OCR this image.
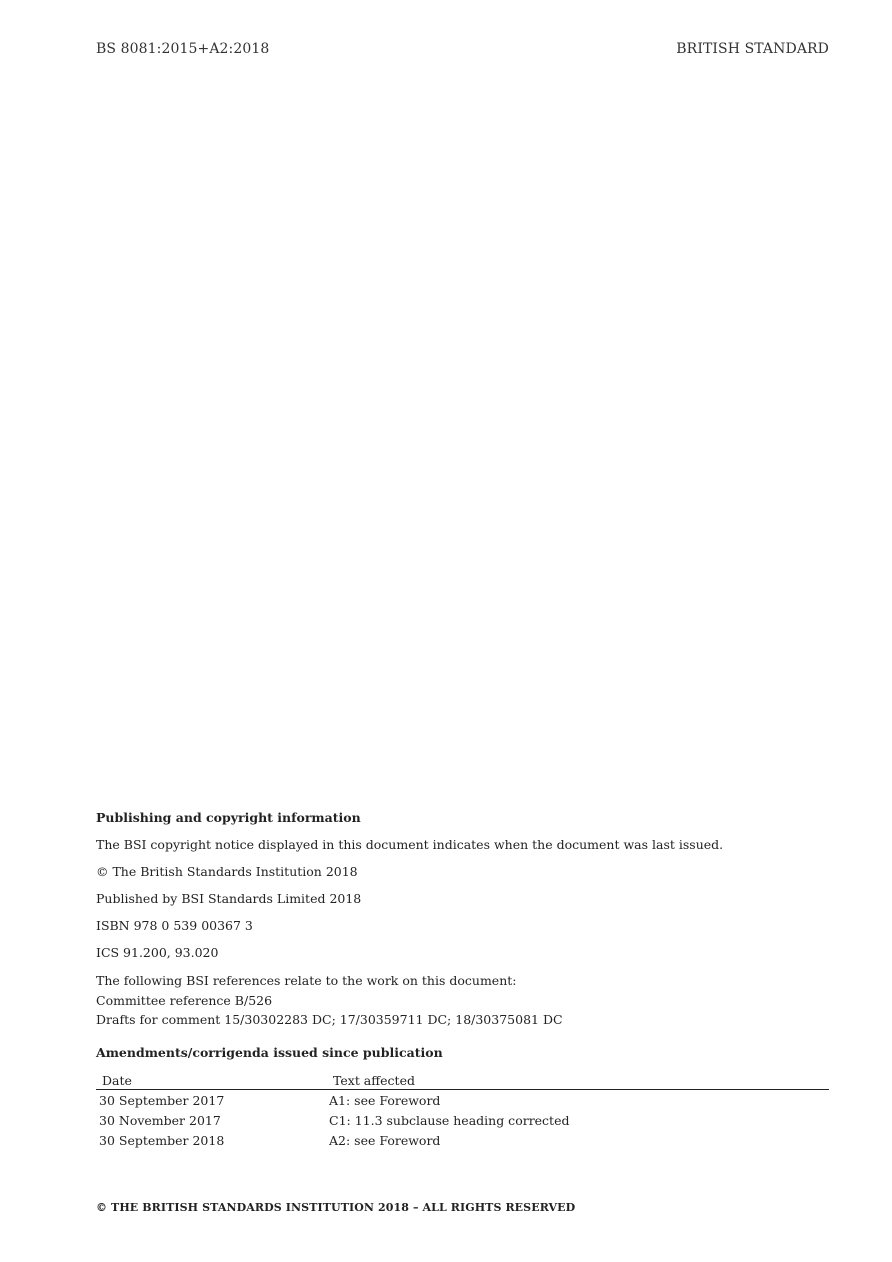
BS 8081:2015+A2:2018	BRITISH STANDARD
Publishing and copyright information
The BSI copyright notice displayed in this document indicates when the document was last issued.
© The British Standards Institution 2018
Published by BSI Standards Limited 2018
ISBN 978 0 539 00367 3
ICS 91.200, 93.020
The following BSI references relate to the work on this document:
Committee reference B/526
Drafts for comment 15/30302283 DC; 17/30359711 DC; 18/30375081 DC
Amendments/corrigenda issued since publication
Date	Text affected
30 September 2017	A1: see Foreword
30 November 2017	C1: 11.3 subclause heading corrected
30 September 2018	A2: see Foreword
© THE BRITISH STANDARDS INSTITUTION 2018 – ALL RIGHTS RESERVED
